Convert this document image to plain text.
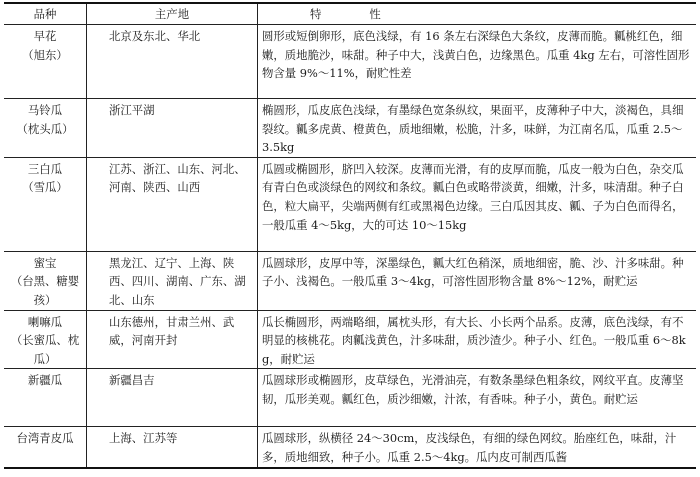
品种	主产地	特性

早花
（旭东）	北京及东北、华北	圆形或短倒卵形，底色浅绿，有 16 条左右深绿色大条纹，皮薄而脆。瓤桃红色，细嫩，质地脆沙，味甜。种子中大，浅黄白色，边缘黑色。瓜重 4kg 左右，可溶性固形物含量 9%～11%，耐贮性差

马铃瓜
（枕头瓜）	浙江平湖	椭圆形，瓜皮底色浅绿，有墨绿色宽条纵纹，果面平，皮薄种子中大，淡褐色，具细裂纹。瓤多虎黄、橙黄色，质地细嫩，松脆，汁多，味鲜，为江南名瓜，瓜重 2.5～3.5kg

三白瓜
（雪瓜）	江苏、浙江、山东、河北、河南、陕西、山西	瓜圆或椭圆形，脐凹入较深。皮薄而光滑，有的皮厚而脆，瓜皮一般为白色，杂交瓜有青白色或淡绿色的网纹和条纹。瓤白色或略带淡黄，细嫩，汁多，味清甜。种子白色，粒大扁平，尖端两侧有红或黑褐色边缘。三白瓜因其皮、瓤、子为白色而得名，一般瓜重 4～5kg，大的可达 10～15kg

蜜宝
（台黑、糖婴孩）	黑龙江、辽宁、上海、陕西、四川、湖南、广东、湖北、山东	瓜圆球形，皮厚中等，深墨绿色，瓤大红色稍深，质地细密，脆、沙、汁多味甜。种子小、浅褐色。一般瓜重 3～4kg，可溶性固形物含量 8%～12%，耐贮运

喇嘛瓜
（长蜜瓜、枕瓜）	山东德州，甘肃兰州、武威，河南开封	瓜长椭圆形，两端略细，属枕头形，有大长、小长两个品系。皮薄，底色浅绿，有不明显的核桃花。肉瓤浅黄色，汁多味甜，质沙渣少。种子小、红色。一般瓜重 6～8kg，耐贮运

新疆瓜	新疆昌吉	瓜圆球形或椭圆形，皮草绿色，光滑油亮，有数条墨绿色粗条纹，网纹平直。皮薄坚韧，瓜形美观。瓤红色，质沙细嫩，汁浓，有香味。种子小，黄色。耐贮运

台湾青皮瓜	上海、江苏等	瓜圆球形，纵横径 24～30cm，皮浅绿色，有细的绿色网纹。胎座红色，味甜，汁多，质地细致，种子小。瓜重 2.5～4kg。瓜内皮可制西瓜酱
